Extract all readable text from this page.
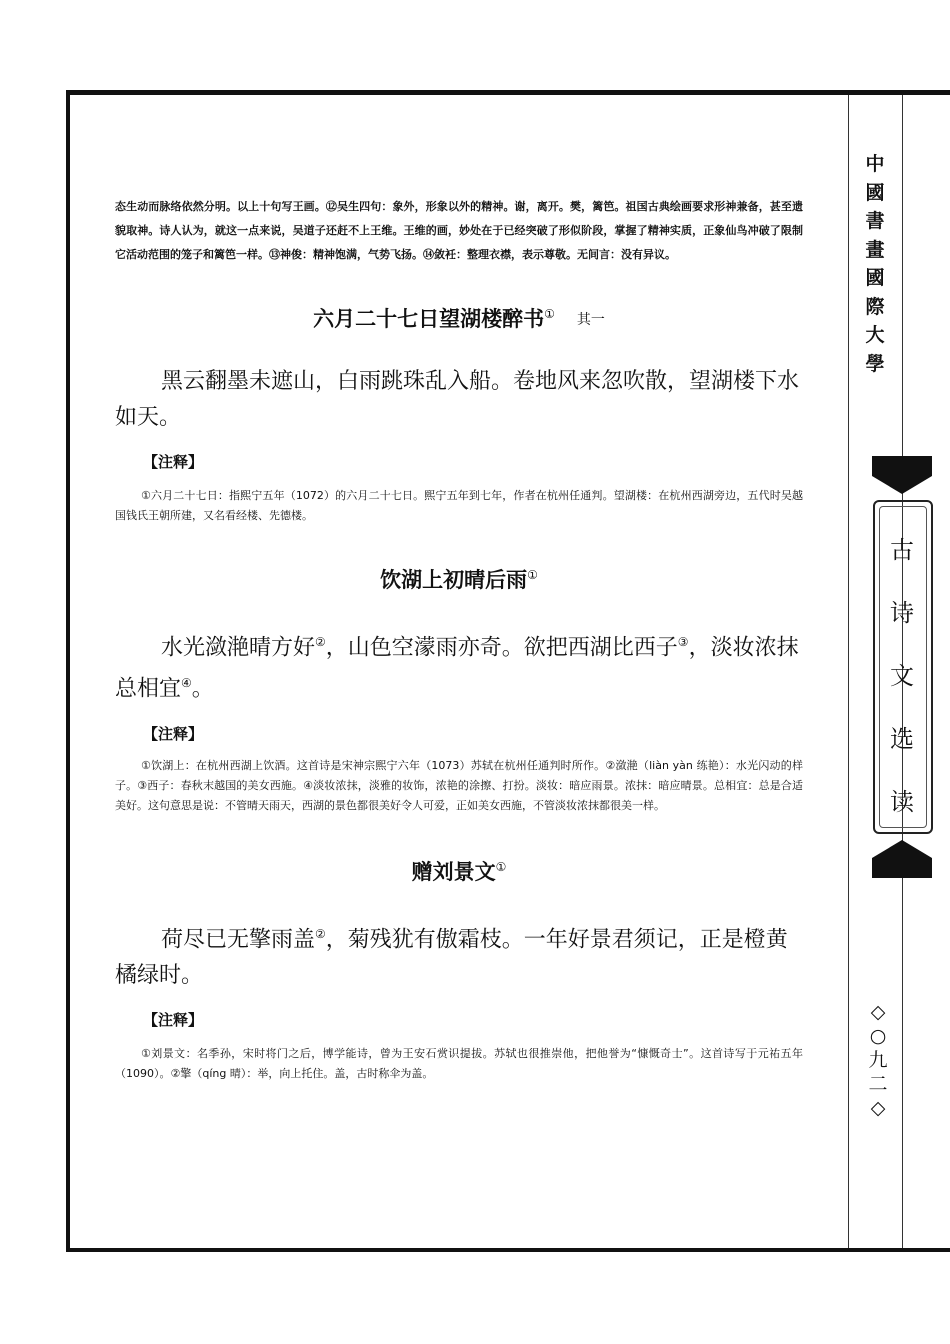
态生动而脉络依然分明。以上十句写王画。⑫吴生四句：象外，形象以外的精神。谢，离开。樊，篱笆。祖国古典绘画要求形神兼备，甚至遗貌取神。诗人认为，就这一点来说，吴道子还赶不上王维。王维的画，妙处在于已经突破了形似阶段，掌握了精神实质，正象仙鸟冲破了限制它活动范围的笼子和篱笆一样。⑬神俊：精神饱满，气势飞扬。⑭敛衽：整理衣襟，表示尊敬。无间言：没有异议。

六月二十七日望湖楼醉书① 其一

黑云翻墨未遮山，白雨跳珠乱入船。卷地风来忽吹散，望湖楼下水如天。

【注释】

①六月二十七日：指熙宁五年（1072）的六月二十七日。熙宁五年到七年，作者在杭州任通判。望湖楼：在杭州西湖旁边，五代时吴越国钱氏王朝所建，又名看经楼、先德楼。

饮湖上初晴后雨①

水光潋滟晴方好②，山色空濛雨亦奇。欲把西湖比西子③，淡妆浓抹总相宜④。

【注释】

①饮湖上：在杭州西湖上饮酒。这首诗是宋神宗熙宁六年（1073）苏轼在杭州任通判时所作。②潋滟（liàn yàn 练艳）：水光闪动的样子。③西子：春秋末越国的美女西施。④淡妆浓抹，淡雅的妆饰，浓艳的涂擦、打扮。淡妆：暗应雨景。浓抹：暗应晴景。总相宜：总是合适美好。这句意思是说：不管晴天雨天，西湖的景色都很美好令人可爱，正如美女西施，不管淡妆浓抹都很美一样。

赠刘景文①

荷尽已无擎雨盖②，菊残犹有傲霜枝。一年好景君须记，正是橙黄橘绿时。

【注释】

①刘景文：名季孙，宋时将门之后，博学能诗，曾为王安石赏识提拔。苏轼也很推崇他，把他誉为“慷慨奇士”。这首诗写于元祐五年（1090）。②擎（qíng 晴）：举，向上托住。盖，古时称伞为盖。

中
國
書
畫
國
際
大
學
古
诗
文
选
读
◇
○
九
二
◇
